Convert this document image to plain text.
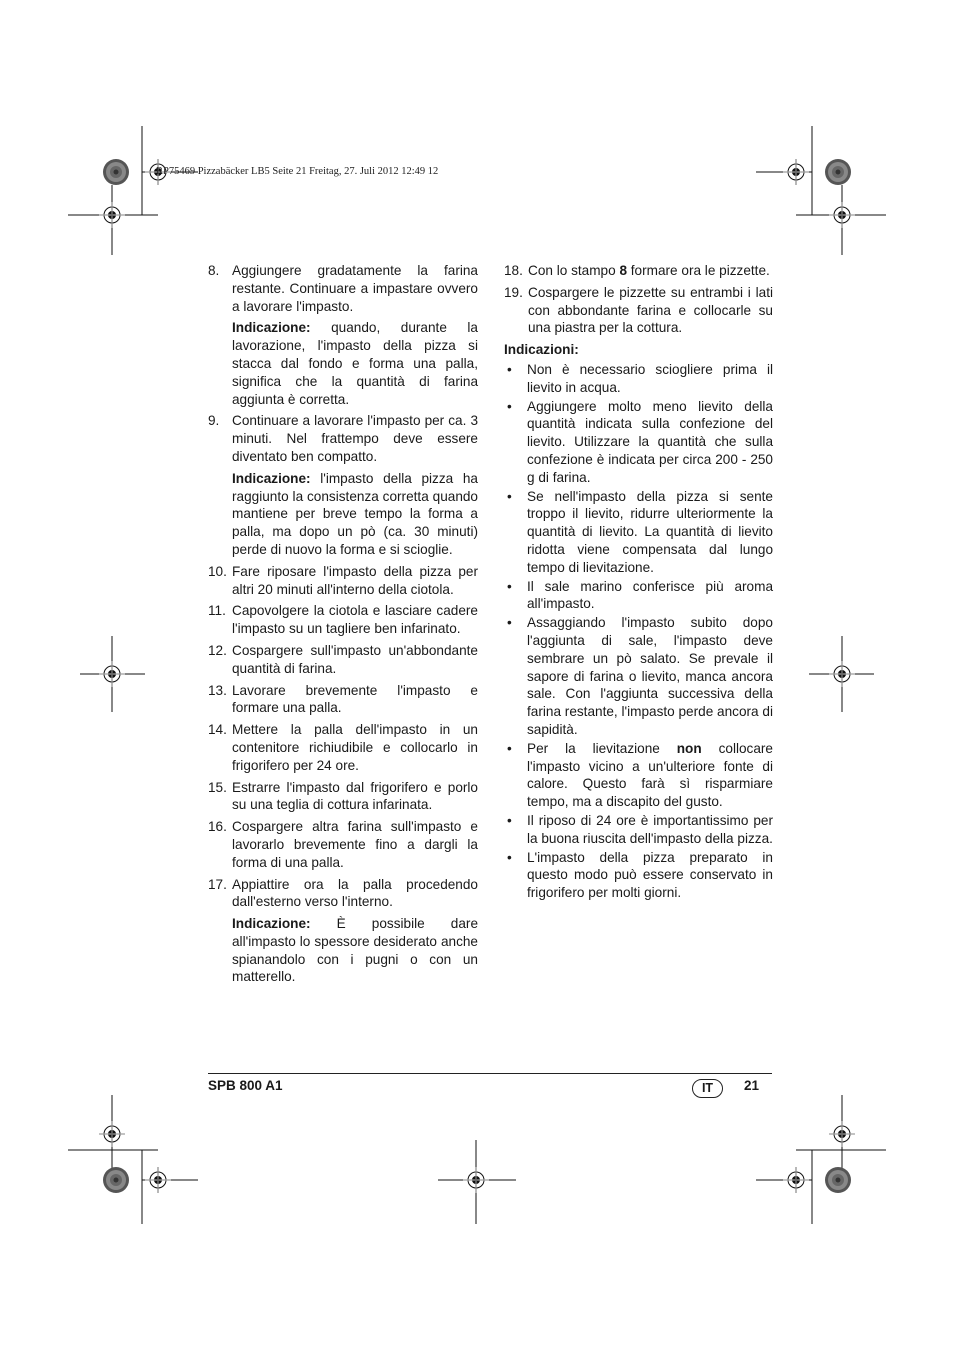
RP75469 Pizzabäcker LB5 Seite 21 Freitag, 27. Juli 2012 12:49 12
8. Aggiungere gradatamente la farina restante. Continuare a impastare ovvero a lavorare l'impasto.
Indicazione: quando, durante la lavorazione, l'impasto della pizza si stacca dal fondo e forma una palla, significa che la quantità di farina aggiunta è corretta.
9. Continuare a lavorare l'impasto per ca. 3 minuti. Nel frattempo deve essere diventato ben compatto.
Indicazione: l'impasto della pizza ha raggiunto la consistenza corretta quando mantiene per breve tempo la forma a palla, ma dopo un pò (ca. 30 minuti) perde di nuovo la forma e si scioglie.
10. Fare riposare l'impasto della pizza per altri 20 minuti all'interno della ciotola.
11. Capovolgere la ciotola e lasciare cadere l'impasto su un tagliere ben infarinato.
12. Cospargere sull'impasto un'abbondante quantità di farina.
13. Lavorare brevemente l'impasto e formare una palla.
14. Mettere la palla dell'impasto in un contenitore richiudibile e collocarlo in frigorifero per 24 ore.
15. Estrarre l'impasto dal frigorifero e porlo su una teglia di cottura infarinata.
16. Cospargere altra farina sull'impasto e lavorarlo brevemente fino a dargli la forma di una palla.
17. Appiattire ora la palla procedendo dall'esterno verso l'interno.
Indicazione: È possibile dare all'impasto lo spessore desiderato anche spianandolo con i pugni o con un matterello.
18. Con lo stampo 8 formare ora le pizzette.
19. Cospargere le pizzette su entrambi i lati con abbondante farina e collocarle su una piastra per la cottura.
Indicazioni:
• Non è necessario sciogliere prima il lievito in acqua.
• Aggiungere molto meno lievito della quantità indicata sulla confezione del lievito. Utilizzare la quantità che sulla confezione è indicata per circa 200 - 250 g di farina.
• Se nell'impasto della pizza si sente troppo il lievito, ridurre ulteriormente la quantità di lievito. La quantità di lievito ridotta viene compensata dal lungo tempo di lievitazione.
• Il sale marino conferisce più aroma all'impasto.
• Assaggiando l'impasto subito dopo l'aggiunta di sale, l'impasto deve sembrare un pò salato. Se prevale il sapore di farina o lievito, manca ancora sale. Con l'aggiunta successiva della farina restante, l'impasto perde ancora di sapidità.
• Per la lievitazione non collocare l'impasto vicino a un'ulteriore fonte di calore. Questo farà sì risparmiare tempo, ma a discapito del gusto.
• Il riposo di 24 ore è importantissimo per la buona riuscita dell'impasto della pizza.
• L'impasto della pizza preparato in questo modo può essere conservato in frigorifero per molti giorni.
SPB 800 A1	IT	21
